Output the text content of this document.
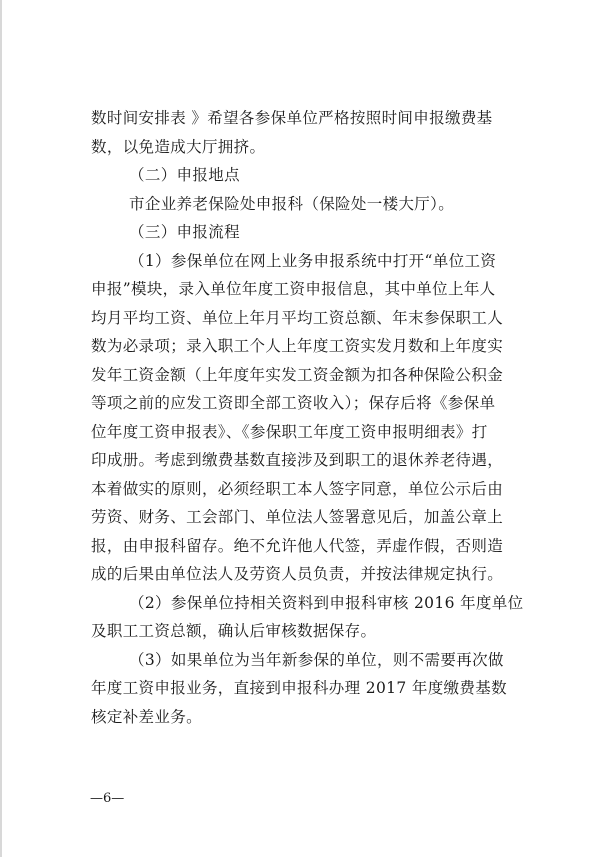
数时间安排表 》希望各参保单位严格按照时间申报缴费基
数，以免造成大厅拥挤。
（二）申报地点
市企业养老保险处申报科（保险处一楼大厅）。
（三）申报流程
（1）参保单位在网上业务申报系统中打开“单位工资
申报”模块，录入单位年度工资申报信息，其中单位上年人
均月平均工资、单位上年月平均工资总额、年末参保职工人
数为必录项；录入职工个人上年度工资实发月数和上年度实
发年工资金额（上年度年实发工资金额为扣各种保险公积金
等项之前的应发工资即全部工资收入）；保存后将《参保单
位年度工资申报表》、《参保职工年度工资申报明细表》打
印成册。考虑到缴费基数直接涉及到职工的退休养老待遇，
本着做实的原则，必须经职工本人签字同意，单位公示后由
劳资、财务、工会部门、单位法人签署意见后，加盖公章上
报，由申报科留存。绝不允许他人代签，弄虚作假，否则造
成的后果由单位法人及劳资人员负责，并按法律规定执行。
（2）参保单位持相关资料到申报科审核 2016 年度单位
及职工工资总额，确认后审核数据保存。
（3）如果单位为当年新参保的单位，则不需要再次做
年度工资申报业务，直接到申报科办理 2017 年度缴费基数
核定补差业务。
—6—
